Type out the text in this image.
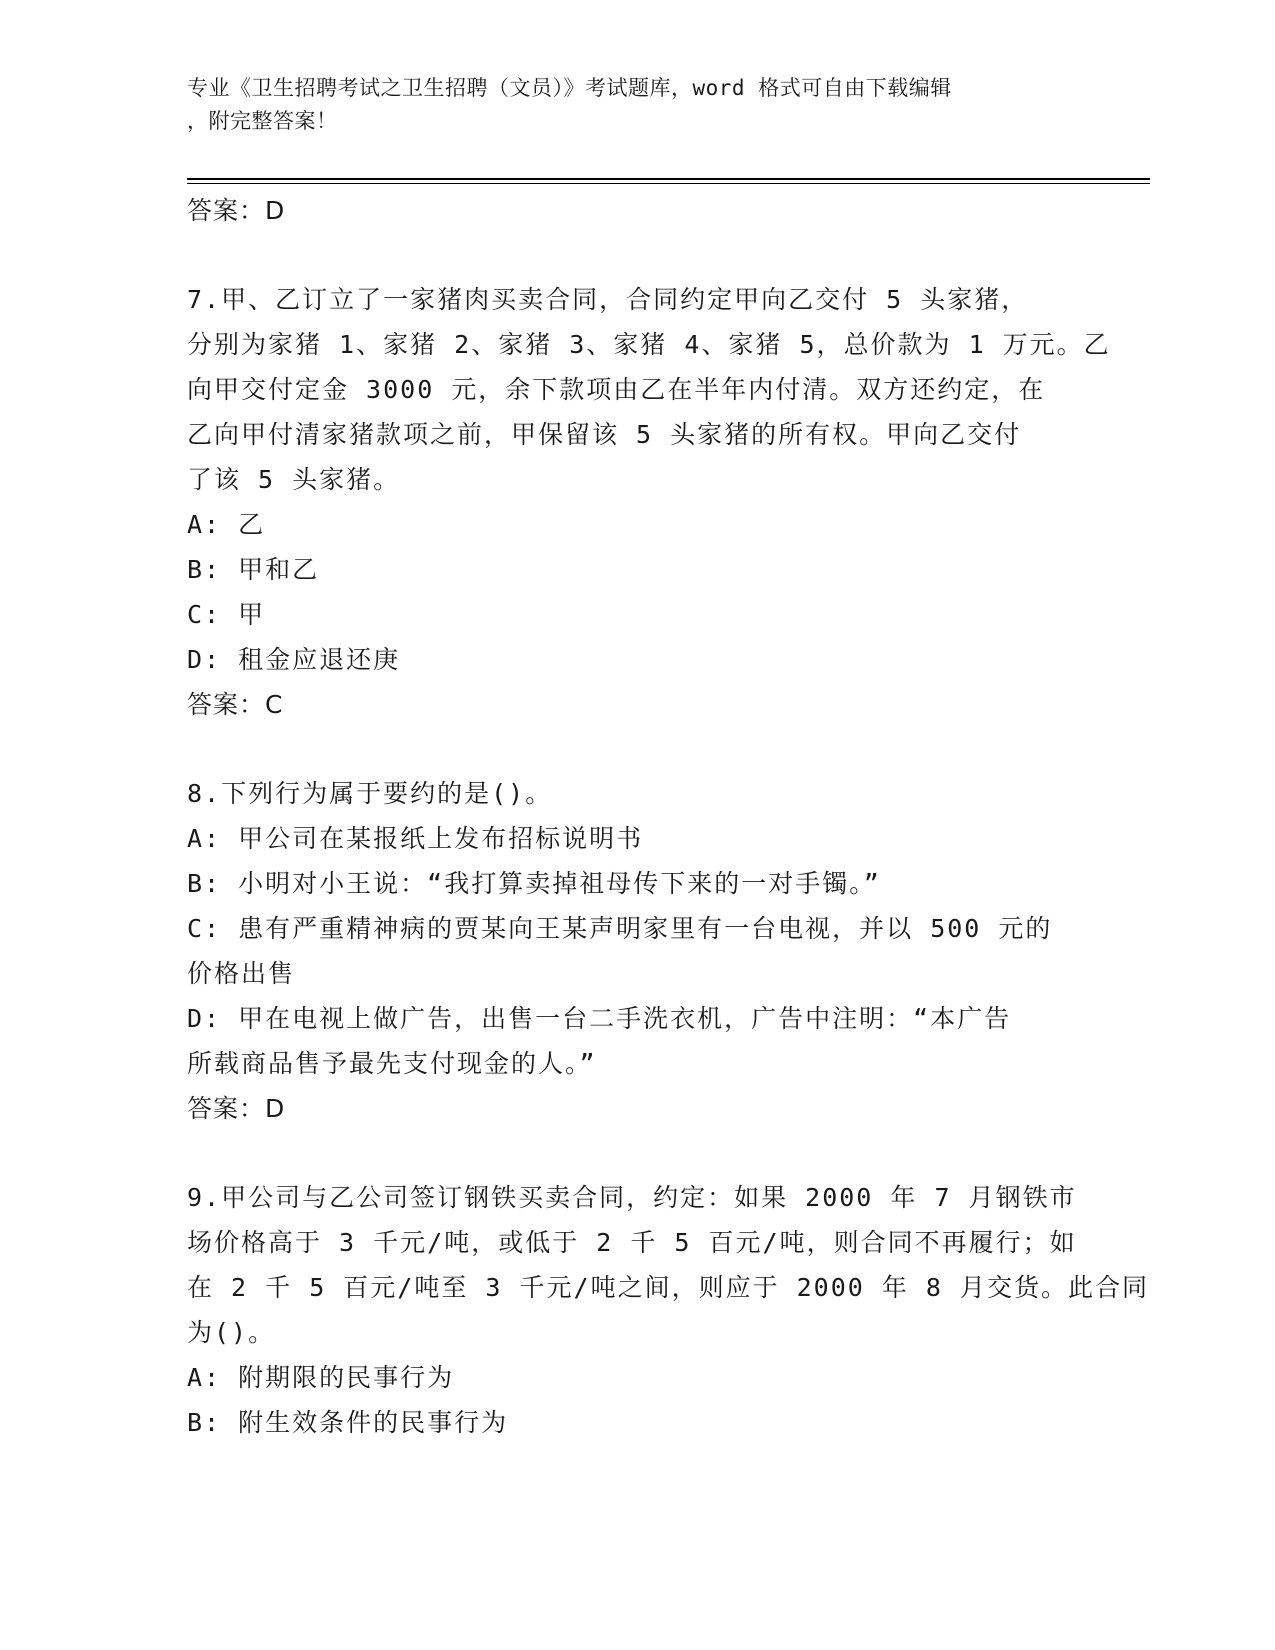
专业《卫生招聘考试之卫生招聘（文员）》考试题库，word 格式可自由下载编辑
，附完整答案！
答案：D
7.甲、乙订立了一家猪肉买卖合同，合同约定甲向乙交付 5 头家猪，
分别为家猪 1、家猪 2、家猪 3、家猪 4、家猪 5，总价款为 1 万元。乙
向甲交付定金 3000 元，余下款项由乙在半年内付清。双方还约定，在
乙向甲付清家猪款项之前，甲保留该 5 头家猪的所有权。甲向乙交付
了该 5 头家猪。
A: 乙
B: 甲和乙
C: 甲
D: 租金应退还庚
答案：C
8.下列行为属于要约的是()。
A: 甲公司在某报纸上发布招标说明书
B: 小明对小王说：“我打算卖掉祖母传下来的一对手镯。”
C: 患有严重精神病的贾某向王某声明家里有一台电视，并以 500 元的
价格出售
D: 甲在电视上做广告，出售一台二手洗衣机，广告中注明：“本广告
所载商品售予最先支付现金的人。”
答案：D
9.甲公司与乙公司签订钢铁买卖合同，约定：如果 2000 年 7 月钢铁市
场价格高于 3 千元/吨，或低于 2 千 5 百元/吨，则合同不再履行；如
在 2 千 5 百元/吨至 3 千元/吨之间，则应于 2000 年 8 月交货。此合同
为()。
A: 附期限的民事行为
B: 附生效条件的民事行为
